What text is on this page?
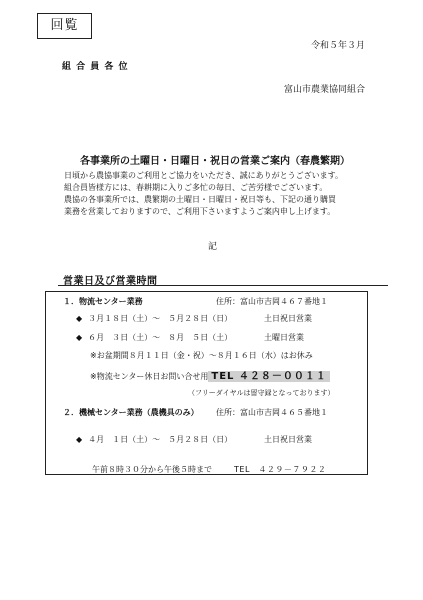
回覧
令和５年３月
組 合 員 各 位
富山市農業協同組合
各事業所の土曜日・日曜日・祝日の営業ご案内（春農繁期）
日頃から農協事業のご利用とご協力をいただき、誠にありがとうございます。
組合員皆様方には、春耕期に入りご多忙の毎日、ご苦労様でございます。
農協の各事業所では、農繁期の土曜日・日曜日・祝日等も、下記の通り購買
業務を営業しておりますので、ご利用下さいますようご案内申し上げます。
記
営業日及び営業時間
１．物流センター業務	住所：富山市吉岡４６７番地１
◆ ３月１８日（土）～　５月２８日（日）	土日祝日営業
◆ ６月　３日（土）～　８月　５日（土）	土曜日営業
※お盆期間８月１１日（金・祝）～８月１６日（水）はお休み
※物流センター休日お問い合せ用 TEL ４２８－００１１
（フリーダイヤルは留守録となっております）
２．機械センター業務（農機具のみ） 住所：富山市吉岡４６５番地１
◆ ４月　１日（土）～　５月２８日（日）	土日祝日営業
午前８時３０分から午後５時まで	TEL　４２９－７９２２
